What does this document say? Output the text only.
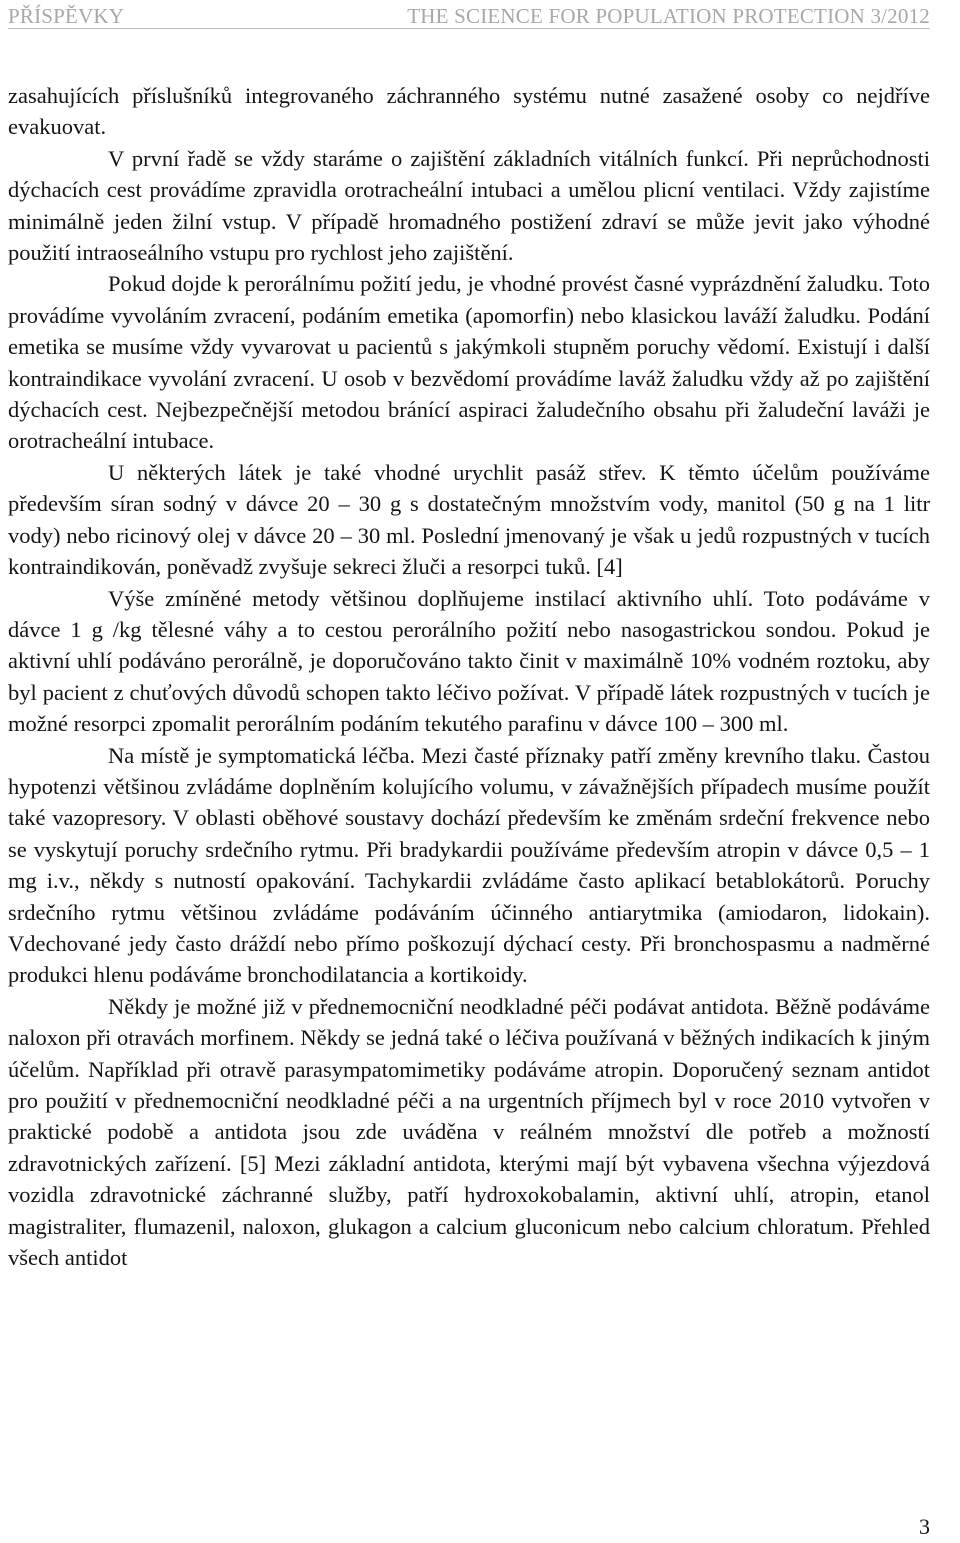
PŘÍSPĚVKY	THE SCIENCE FOR POPULATION PROTECTION 3/2012

zasahujících příslušníků integrovaného záchranného systému nutné zasažené osoby co nejdříve evakuovat.

V první řadě se vždy staráme o zajištění základních vitálních funkcí. Při neprůchodnosti dýchacích cest provádíme zpravidla orotracheální intubaci a umělou plicní ventilaci. Vždy zajistíme minimálně jeden žilní vstup. V případě hromadného postižení zdraví se může jevit jako výhodné použití intraoseálního vstupu pro rychlost jeho zajištění.

Pokud dojde k perorálnímu požití jedu, je vhodné provést časné vyprázdnění žaludku. Toto provádíme vyvoláním zvracení, podáním emetika (apomorfin) nebo klasickou laváží žaludku. Podání emetika se musíme vždy vyvarovat u pacientů s jakýmkoli stupněm poruchy vědomí. Existují i další kontraindikace vyvolání zvracení. U osob v bezvědomí provádíme laváž žaludku vždy až po zajištění dýchacích cest. Nejbezpečnější metodou bránící aspiraci žaludečního obsahu při žaludeční laváži je orotracheální intubace.

U některých látek je také vhodné urychlit pasáž střev. K těmto účelům používáme především síran sodný v dávce 20 – 30 g s dostatečným množstvím vody, manitol (50 g na 1 litr vody) nebo ricinový olej v dávce 20 – 30 ml. Poslední jmenovaný je však u jedů rozpustných v tucích kontraindikován, poněvadž zvyšuje sekreci žluči a resorpci tuků. [4]

Výše zmíněné metody většinou doplňujeme instilací aktivního uhlí. Toto podáváme v dávce 1 g /kg tělesné váhy a to cestou perorálního požití nebo nasogastrickou sondou. Pokud je aktivní uhlí podáváno perorálně, je doporučováno takto činit v maximálně 10% vodném roztoku, aby byl pacient z chuťových důvodů schopen takto léčivo požívat. V případě látek rozpustných v tucích je možné resorpci zpomalit perorálním podáním tekutého parafinu v dávce 100 – 300 ml.

Na místě je symptomatická léčba. Mezi časté příznaky patří změny krevního tlaku. Častou hypotenzi většinou zvládáme doplněním kolujícího volumu, v závažnějších případech musíme použít také vazopresory. V oblasti oběhové soustavy dochází především ke změnám srdeční frekvence nebo se vyskytují poruchy srdečního rytmu. Při bradykardii používáme především atropin v dávce 0,5 – 1 mg i.v., někdy s nutností opakování. Tachykardii zvládáme často aplikací betablokátorů. Poruchy srdečního rytmu většinou zvládáme podáváním účinného antiarytmika (amiodaron, lidokain). Vdechované jedy často dráždí nebo přímo poškozují dýchací cesty. Při bronchospasmu a nadměrné produkci hlenu podáváme bronchodilatancia a kortikoidy.

Někdy je možné již v přednemocniční neodkladné péči podávat antidota. Běžně podáváme naloxon při otravách morfinem. Někdy se jedná také o léčiva používaná v běžných indikacích k jiným účelům. Například při otravě parasympatomimetiky podáváme atropin. Doporučený seznam antidot pro použití v přednemocniční neodkladné péči a na urgentních příjmech byl v roce 2010 vytvořen v praktické podobě a antidota jsou zde uváděna v reálném množství dle potřeb a možností zdravotnických zařízení. [5] Mezi základní antidota, kterými mají být vybavena všechna výjezdová vozidla zdravotnické záchranné služby, patří hydroxokobalamin, aktivní uhlí, atropin, etanol magistraliter, flumazenil, naloxon, glukagon a calcium gluconicum nebo calcium chloratum. Přehled všech antidot

3
